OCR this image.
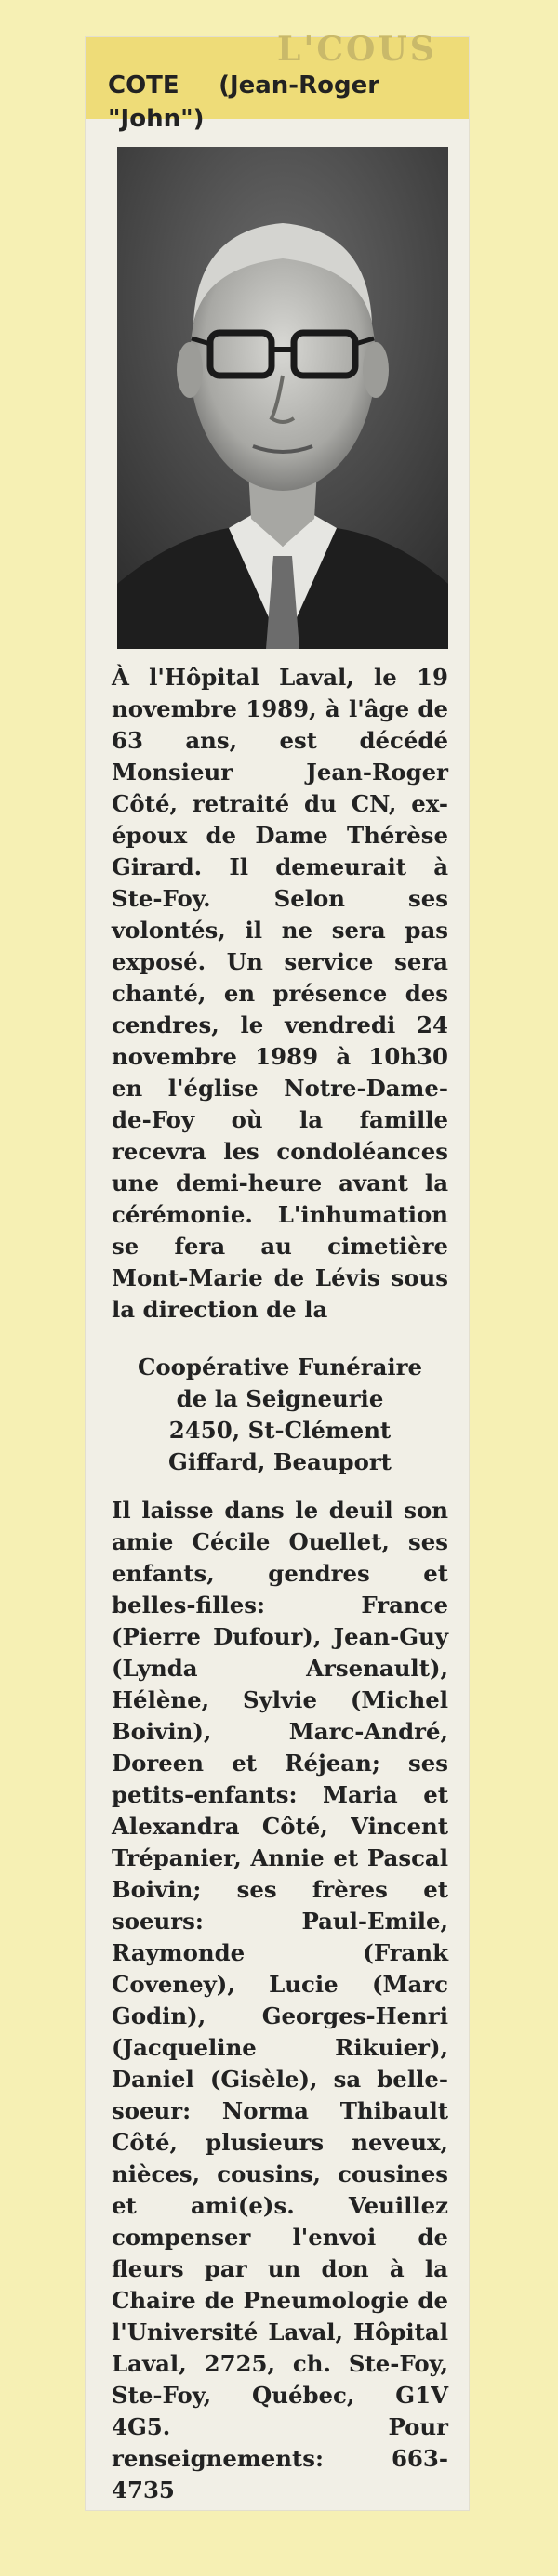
L'COUS
COTE (Jean-Roger "John")

À l'Hôpital Laval, le 19 novembre 1989, à l'âge de 63 ans, est décédé Monsieur Jean-Roger Côté, retraité du CN, ex-époux de Dame Thérèse Girard. Il demeurait à Ste-Foy. Selon ses volontés, il ne sera pas exposé. Un service sera chanté, en présence des cendres, le vendredi 24 novembre 1989 à 10h30 en l'église Notre-Dame-de-Foy où la famille recevra les condoléances une demi-heure avant la cérémonie. L'inhumation se fera au cimetière Mont-Marie de Lévis sous la direction de la

Coopérative Funéraire
de la Seigneurie
2450, St-Clément
Giffard, Beauport

Il laisse dans le deuil son amie Cécile Ouellet, ses enfants, gendres et belles-filles: France (Pierre Dufour), Jean-Guy (Lynda Arsenault), Hélène, Sylvie (Michel Boivin), Marc-André, Doreen et Réjean; ses petits-enfants: Maria et Alexandra Côté, Vincent Trépanier, Annie et Pascal Boivin; ses frères et soeurs: Paul-Emile, Raymonde (Frank Coveney), Lucie (Marc Godin), Georges-Henri (Jacqueline Rikuier), Daniel (Gisèle), sa belle-soeur: Norma Thibault Côté, plusieurs neveux, nièces, cousins, cousines et ami(e)s. Veuillez compenser l'envoi de fleurs par un don à la Chaire de Pneumologie de l'Université Laval, Hôpital Laval, 2725, ch. Ste-Foy, Ste-Foy, Québec, G1V 4G5. Pour renseignements: 663-4735
